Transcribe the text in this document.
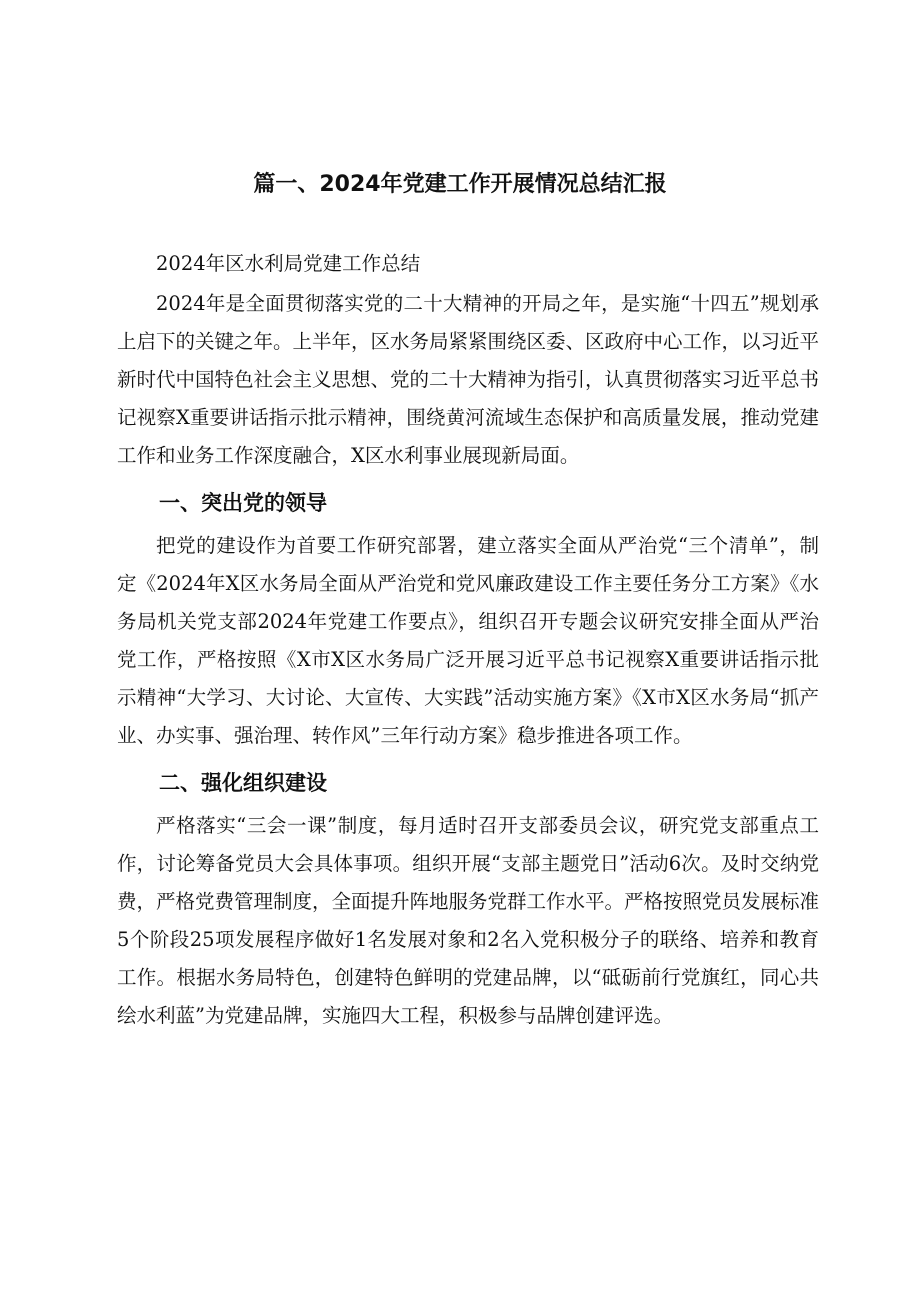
篇一、2024年党建工作开展情况总结汇报

2024年区水利局党建工作总结

2024年是全面贯彻落实党的二十大精神的开局之年，是实施“十四五”规划承上启下的关键之年。上半年，区水务局紧紧围绕区委、区政府中心工作，以习近平新时代中国特色社会主义思想、党的二十大精神为指引，认真贯彻落实习近平总书记视察X重要讲话指示批示精神，围绕黄河流域生态保护和高质量发展，推动党建工作和业务工作深度融合，X区水利事业展现新局面。

一、突出党的领导

把党的建设作为首要工作研究部署，建立落实全面从严治党“三个清单”，制定《2024年X区水务局全面从严治党和党风廉政建设工作主要任务分工方案》《水务局机关党支部2024年党建工作要点》，组织召开专题会议研究安排全面从严治党工作，严格按照《X市X区水务局广泛开展习近平总书记视察X重要讲话指示批示精神“大学习、大讨论、大宣传、大实践”活动实施方案》《X市X区水务局“抓产业、办实事、强治理、转作风”三年行动方案》稳步推进各项工作。

二、强化组织建设

严格落实“三会一课”制度，每月适时召开支部委员会议，研究党支部重点工作，讨论筹备党员大会具体事项。组织开展“支部主题党日”活动6次。及时交纳党费，严格党费管理制度，全面提升阵地服务党群工作水平。严格按照党员发展标准5个阶段25项发展程序做好1名发展对象和2名入党积极分子的联络、培养和教育工作。根据水务局特色，创建特色鲜明的党建品牌，以“砥砺前行党旗红，同心共绘水利蓝”为党建品牌，实施四大工程，积极参与品牌创建评选。
